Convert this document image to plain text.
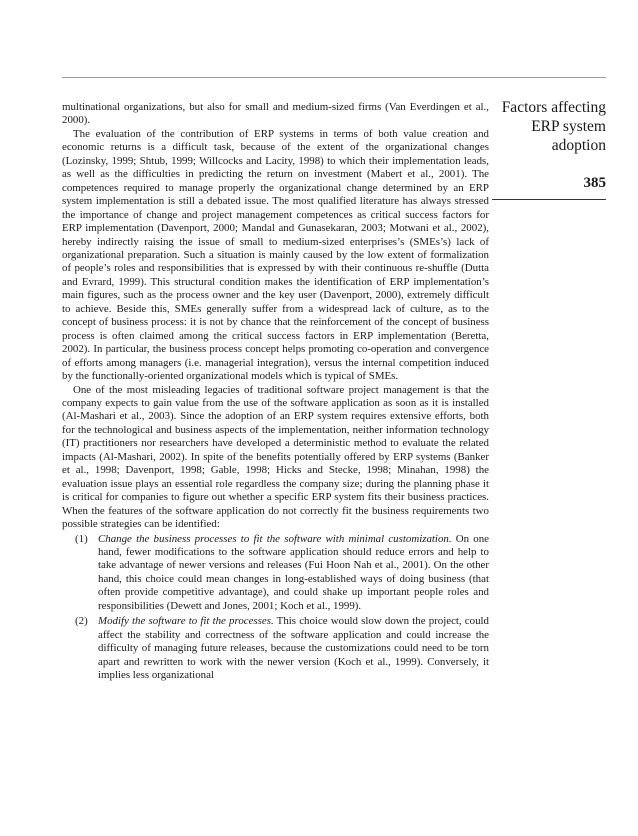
Factors affecting
ERP system
adoption
385

multinational organizations, but also for small and medium-sized firms (Van Everdingen et al., 2000).

The evaluation of the contribution of ERP systems in terms of both value creation and economic returns is a difficult task, because of the extent of the organizational changes (Lozinsky, 1999; Shtub, 1999; Willcocks and Lacity, 1998) to which their implementation leads, as well as the difficulties in predicting the return on investment (Mabert et al., 2001). The competences required to manage properly the organizational change determined by an ERP system implementation is still a debated issue. The most qualified literature has always stressed the importance of change and project management competences as critical success factors for ERP implementation (Davenport, 2000; Mandal and Gunasekaran, 2003; Motwani et al., 2002), hereby indirectly raising the issue of small to medium-sized enterprises’s (SMEs’s) lack of organizational preparation. Such a situation is mainly caused by the low extent of formalization of people’s roles and responsibilities that is expressed by with their continuous re-shuffle (Dutta and Evrard, 1999). This structural condition makes the identification of ERP implementation’s main figures, such as the process owner and the key user (Davenport, 2000), extremely difficult to achieve. Beside this, SMEs generally suffer from a widespread lack of culture, as to the concept of business process: it is not by chance that the reinforcement of the concept of business process is often claimed among the critical success factors in ERP implementation (Beretta, 2002). In particular, the business process concept helps promoting co-operation and convergence of efforts among managers (i.e. managerial integration), versus the internal competition induced by the functionally-oriented organizational models which is typical of SMEs.

One of the most misleading legacies of traditional software project management is that the company expects to gain value from the use of the software application as soon as it is installed (Al-Mashari et al., 2003). Since the adoption of an ERP system requires extensive efforts, both for the technological and business aspects of the implementation, neither information technology (IT) practitioners nor researchers have developed a deterministic method to evaluate the related impacts (Al-Mashari, 2002). In spite of the benefits potentially offered by ERP systems (Banker et al., 1998; Davenport, 1998; Gable, 1998; Hicks and Stecke, 1998; Minahan, 1998) the evaluation issue plays an essential role regardless the company size; during the planning phase it is critical for companies to figure out whether a specific ERP system fits their business practices. When the features of the software application do not correctly fit the business requirements two possible strategies can be identified:

(1) Change the business processes to fit the software with minimal customization. On one hand, fewer modifications to the software application should reduce errors and help to take advantage of newer versions and releases (Fui Hoon Nah et al., 2001). On the other hand, this choice could mean changes in long-established ways of doing business (that often provide competitive advantage), and could shake up important people roles and responsibilities (Dewett and Jones, 2001; Koch et al., 1999).
(2) Modify the software to fit the processes. This choice would slow down the project, could affect the stability and correctness of the software application and could increase the difficulty of managing future releases, because the customizations could need to be torn apart and rewritten to work with the newer version (Koch et al., 1999). Conversely, it implies less organizational
